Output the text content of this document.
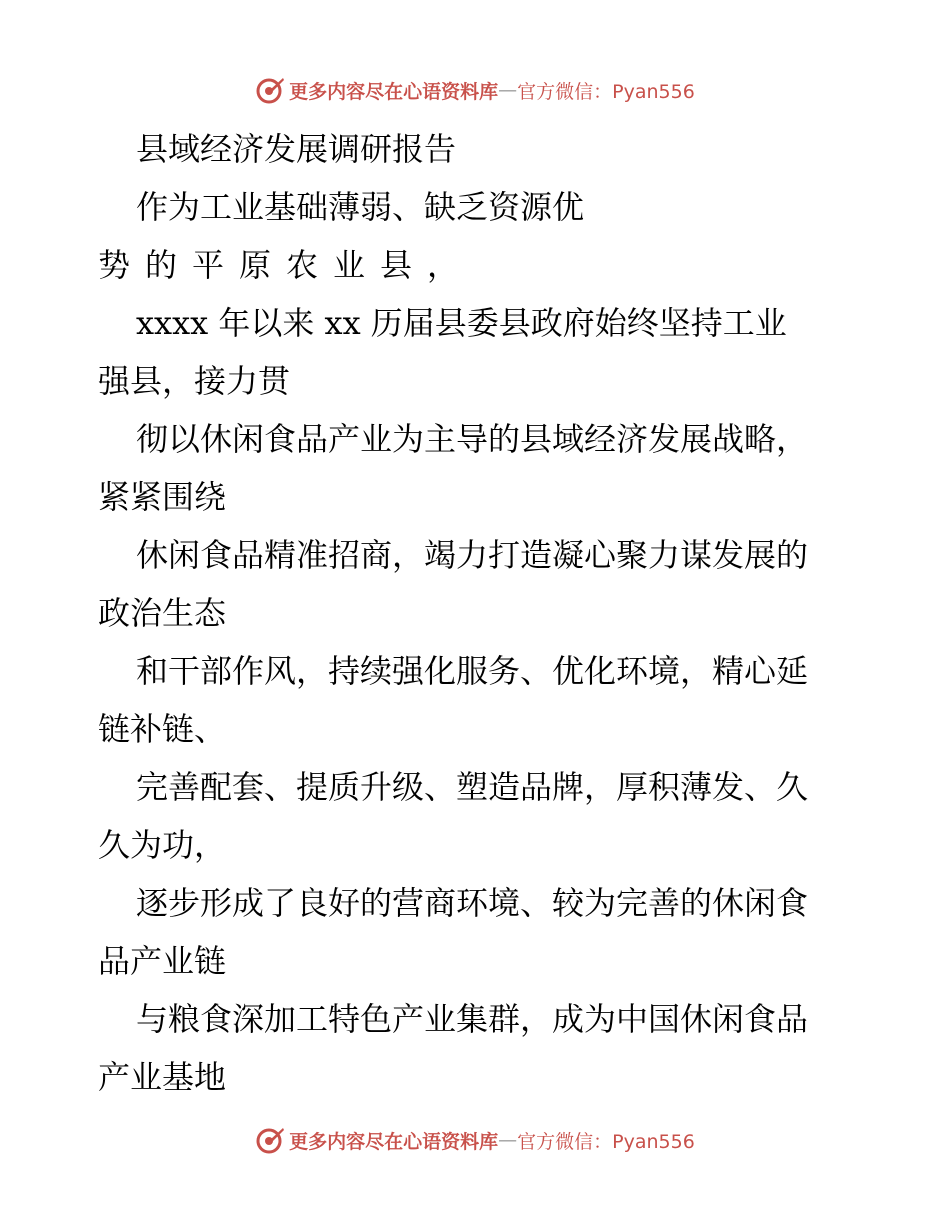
更多内容尽在心语资料库 — 官方微信：Pyan556
县域经济发展调研报告
作为工业基础薄弱、缺乏资源优
势的平原农业县，
xxxx 年以来 xx 历届县委县政府始终坚持工业
强县，接力贯
彻以休闲食品产业为主导的县域经济发展战略，
紧紧围绕
休闲食品精准招商，竭力打造凝心聚力谋发展的
政治生态
和干部作风，持续强化服务、优化环境，精心延
链补链、
完善配套、提质升级、塑造品牌，厚积薄发、久
久为功，
逐步形成了良好的营商环境、较为完善的休闲食
品产业链
与粮食深加工特色产业集群，成为中国休闲食品
产业基地
更多内容尽在心语资料库 — 官方微信：Pyan556
